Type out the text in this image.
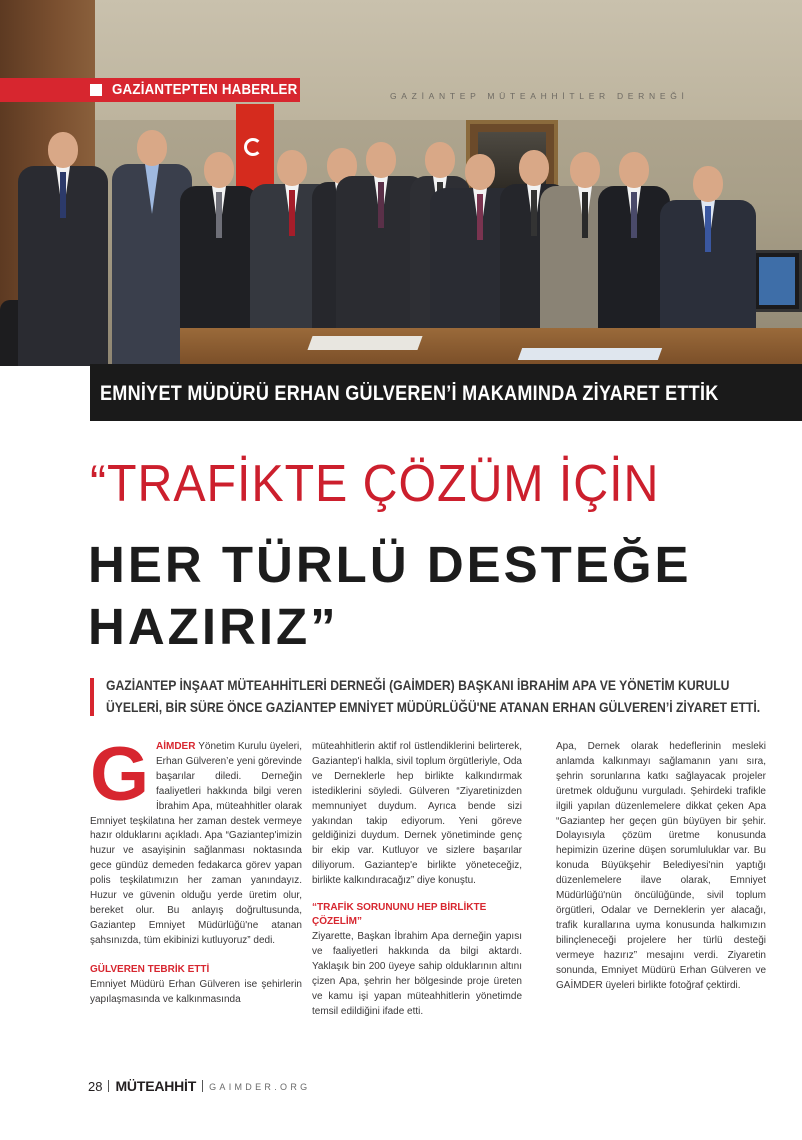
GAZİANTEPTEN HABERLER	GAZİANTEP MÜTEAHHİTLER DERNEĞİ
EMNİYET MÜDÜRÜ ERHAN GÜLVEREN’İ MAKAMINDA ZİYARET ETTİK
“TRAFİKTE ÇÖZÜM İÇİN
HER TÜRLÜ DESTEĞE
HAZIRIZ”
GAZİANTEP İNŞAAT MÜTEAHHİTLERİ DERNEĞİ (GAİMDER) BAŞKANI İBRAHİM APA VE YÖNETİM KURULU
ÜYELERİ, BİR SÜRE ÖNCE GAZİANTEP EMNİYET MÜDÜRLÜĞÜ'NE ATANAN ERHAN GÜLVEREN’İ ZİYARET ETTİ.

GAİMDER Yönetim Kurulu üyeleri, Erhan Gülveren’e yeni görevinde başarılar diledi. Derneğin faaliyetleri hakkında bilgi veren İbrahim Apa, müteahhitler olarak Emniyet teşkilatına her zaman destek vermeye hazır olduklarını açıkladı. Apa “Gaziantep'imizin huzur ve asayişinin sağlanması noktasında gece gündüz demeden fedakarca görev yapan polis teşkilatımızın her zaman yanındayız. Huzur ve güvenin olduğu yerde üretim olur, bereket olur. Bu anlayış doğrultusunda, Gaziantep Emniyet Müdürlüğü'ne atanan şahsınızda, tüm ekibinizi kutluyoruz” dedi.

GÜLVEREN TEBRİK ETTİ

Emniyet Müdürü Erhan Gülveren ise şehirlerin yapılaşmasında ve kalkınmasında

müteahhitlerin aktif rol üstlendiklerini belirterek, Gaziantep'i halkla, sivil toplum örgütleriyle, Oda ve Derneklerle hep birlikte kalkındırmak istediklerini söyledi. Gülveren “Ziyaretinizden memnuniyet duydum. Ayrıca bende sizi yakından takip ediyorum. Yeni göreve geldiğinizi duydum. Dernek yönetiminde genç bir ekip var. Kutluyor ve sizlere başarılar diliyorum. Gaziantep'e birlikte yöneteceğiz, birlikte kalkındıracağız” diye konuştu.

“TRAFİK SORUNUNU HEP BİRLİKTE ÇÖZELİM”

Ziyarette, Başkan İbrahim Apa derneğin yapısı ve faaliyetleri hakkında da bilgi aktardı. Yaklaşık bin 200 üyeye sahip olduklarının altını çizen Apa, şehrin her bölgesinde proje üreten ve kamu işi yapan müteahhitlerin yönetimde temsil edildiğini ifade etti.

Apa, Dernek olarak hedeflerinin mesleki anlamda kalkınmayı sağlamanın yanı sıra, şehrin sorunlarına katkı sağlayacak projeler üretmek olduğunu vurguladı. Şehirdeki trafikle ilgili yapılan düzenlemelere dikkat çeken Apa “Gaziantep her geçen gün büyüyen bir şehir. Dolayısıyla çözüm üretme konusunda hepimizin üzerine düşen sorumluluklar var. Bu konuda Büyükşehir Belediyesi'nin yaptığı düzenlemelere ilave olarak, Emniyet Müdürlüğü'nün öncülüğünde, sivil toplum örgütleri, Odalar ve Derneklerin yer alacağı, trafik kurallarına uyma konusunda halkımızın bilinçleneceği projelere her türlü desteği vermeye hazırız” mesajını verdi. Ziyaretin sonunda, Emniyet Müdürü Erhan Gülveren ve GAİMDER üyeleri birlikte fotoğraf çektirdi.

28 MÜTEAHHİT GAIMDER.ORG
